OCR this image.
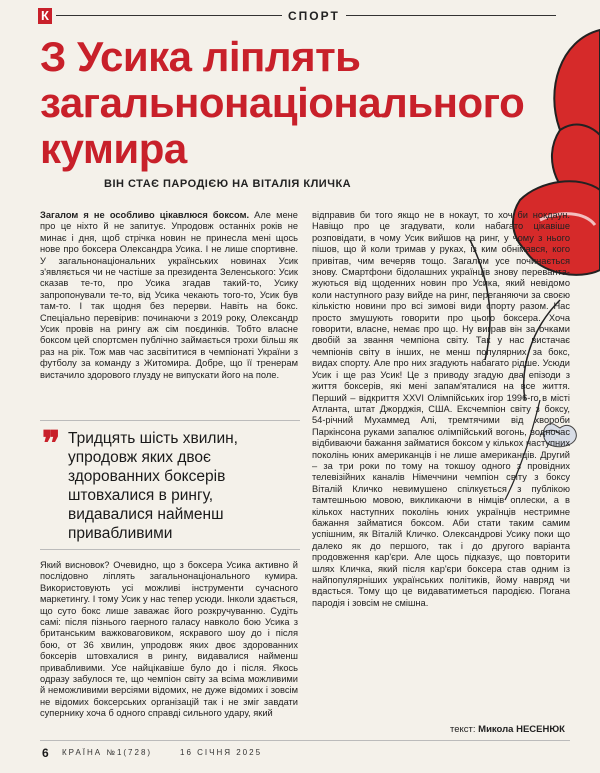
К	СПОРТ
З Усика ліплять загальнонаціонального кумира
ВІН СТАЄ ПАРОДІЄЮ НА ВІТАЛІЯ КЛИЧКА

Загалом я не особливо цікавлюся боксом. Але мене про це ніхто й не запитує. Упродовж останніх років не минає і дня, щоб стрічка новин не принесла мені щось нове про боксера Олександра Усика. І не лише спортивне. У загальнонаціональних українських новинах Усик з'являється чи не частіше за президента Зеленського: Усик сказав те-то, про Усика згадав такий-то, Усику запропонували те-то, від Усика чекають того-то, Усик був там-то. І так щодня без перерви. Навіть на бокс. Спеціально перевірив: починаючи з 2019 року, Олександр Усик провів на рингу аж сім поєдинків. Тобто власне боксом цей спортсмен публічно займається трохи більш як раз на рік. Тож мав час засвітитися в чемпіонаті України з футболу за команду з Житомира. Добре, що її тренерам вистачило здорового глузду не випускати його на поле.

❞ Тридцять шість хвилин, упродовж яких двоє здорованних боксерів штовхалися в рингу, видавалися найменш привабливими

Який висновок? Очевидно, що з боксера Усика активно й послідовно ліплять загальнонаціонального кумира. Використовують усі можливі інструменти сучасного маркетингу. І тому Усик у нас тепер усюди. Інколи здається, що суто бокс лише заважає його розкручуванню. Судіть самі: після пізнього гаерного галасу навколо бою Усика з британським важковаговиком, яскравого шоу до і після бою, от 36 хвилин, упродовж яких двоє здорованних боксерів штовхалися в рингу, видавалися найменш привабливими. Усе найцікавіше було до і після. Якось одразу забулося те, що чемпіон світу за всіма можливими й неможливими версіями відомих, не дуже відомих і зовсім не відомих боксерських організацій так і не зміг завдати супернику хоча б одного справді сильного удару, який

відправив би того якщо не в нокаут, то хоч би нокдаун. Навіщо про це згадувати, коли набагато цікавіше розповідати, в чому Усик вийшов на ринг, у чому з нього пішов, що й коли тримав у руках, із ким обнімався, кого привітав, чим вечеряв тощо. Загалом усе починається знову. Смартфони бідолашних українців знову перевантажуються від щоденних новин про Усика, який невідомо коли наступного разу вийде на ринг, переганяючи за своєю кількістю новини про всі зимові види спорту разом. Нас просто змушують говорити про цього боксера. Хоча говорити, власне, немає про що. Ну виграв він за очками двобій за звання чемпіона світу. Так у нас вистачає чемпіонів світу в інших, не менш популярних за бокс, видах спорту. Але про них згадують набагато рідше. Усюди Усик і ще раз Усик! Це з приводу згадую два епізоди з життя боксерів, які мені запам'яталися на все життя. Перший – відкриття XXVI Олімпійських ігор 1996-го в місті Атланта, штат Джорджія, США. Ексчемпіон світу з боксу, 54-річний Мухаммед Алі, тремтячими від хвороби Паркінсона руками запалює олімпійський вогонь, водночас відбиваючи бажання займатися боксом у кількох наступних поколінь юних американців і не лише американців. Другий – за три роки по тому на токшоу одного з провідних телевізійних каналів Німеччини чемпіон світу з боксу Віталій Кличко невимушено спілкується з публікою тамтешньою мовою, викликаючи в німців оплески, а в кількох наступних поколінь юних українців нестримне бажання займатися боксом. Аби стати таким самим успішним, як Віталій Кличко. Олександрові Усику поки що далеко як до першого, так і до другого варіанта продовження кар'єри. Але щось підказує, що повторити шлях Кличка, який після кар'єри боксера став одним із найпопулярніших українських політиків, йому навряд чи вдасться. Тому що це видаватиметься пародією. Погана пародія і зовсім не смішна.

текст: Микола НЕСЕНЮК
6 КРАЇНА №1(728)	16 СІЧНЯ 2025
